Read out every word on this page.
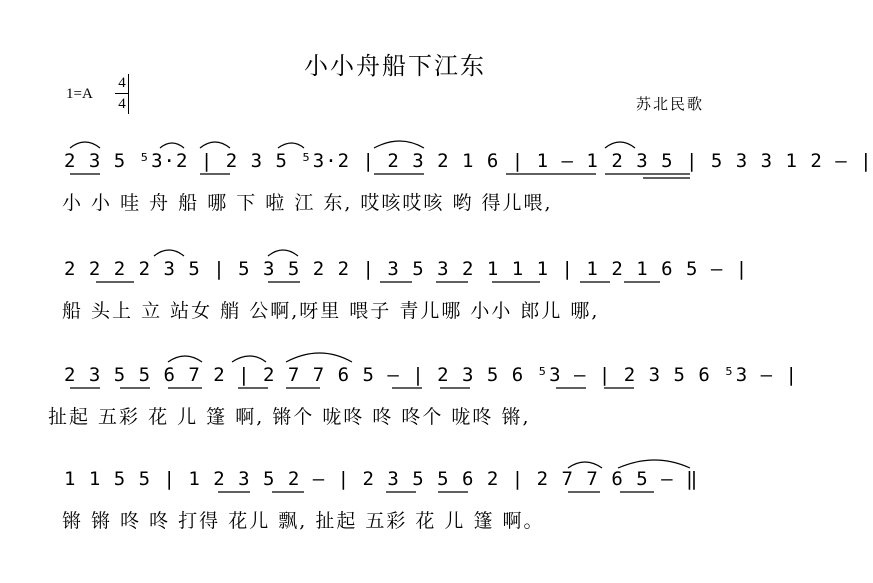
小小舟船下江东
1=A
4
4	苏北民歌
2 3 5 ⁵3·2 | 2 3 5 ⁵3·2 | 2 3 2 1 6 | 1 – 1 2 3 5 | 5 3 3 1 2 – |
小 小 哇 舟 船 哪 下 啦 江 东, 哎咳哎咳 哟 得儿喂,
2 2 2 2 3 5 | 5 3 5 2 2 | 3 5 3 2 1 1 1 | 1 2 1 6 5 – |
船 头上 立 站女 艄 公啊,呀里 喂子 青儿哪 小小 郎儿 哪,
2 3 5 5 6 7 2 | 2 7 7 6 5 – | 2 3 5 6 ⁵3 – | 2 3 5 6 ⁵3 – |
扯起 五彩 花 儿 篷 啊, 锵个 咙咚 咚 咚个 咙咚 锵,
1 1 5 5 | 1 2 3 5 2 – | 2 3 5 5 6 2 | 2 7 7 6 5 – ‖
锵 锵 咚 咚 打得 花儿 飘, 扯起 五彩 花 儿 篷 啊。
